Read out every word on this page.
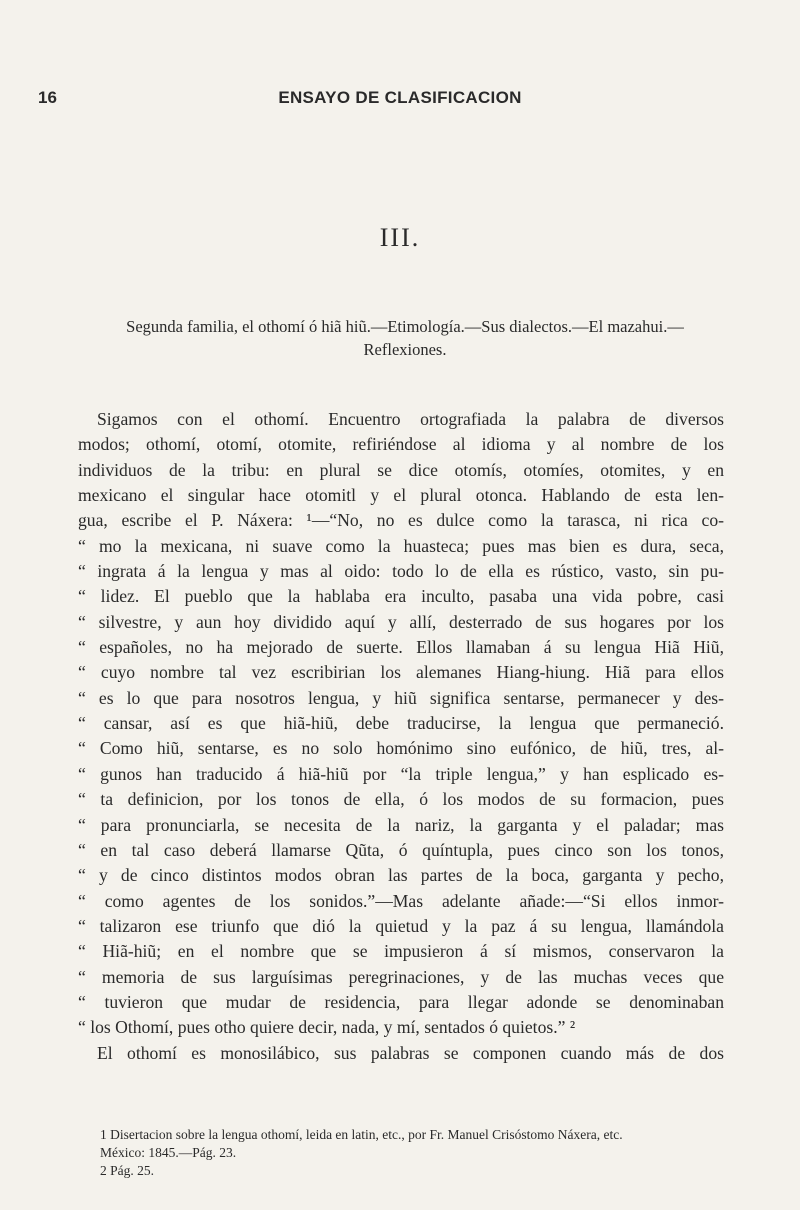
16	ENSAYO DE CLASIFICACION
III.
Segunda familia, el othomí ó hiã hiũ.—Etimología.—Sus dialectos.—El mazahui.—
Reflexiones.
Sigamos con el othomí. Encuentro ortografiada la palabra de diversos
modos; othomí, otomí, otomite, refiriéndose al idioma y al nombre de los
individuos de la tribu: en plural se dice otomís, otomíes, otomites, y en
mexicano el singular hace otomitl y el plural otonca. Hablando de esta len-
gua, escribe el P. Náxera: ¹—“No, no es dulce como la tarasca, ni rica co-
“ mo la mexicana, ni suave como la huasteca; pues mas bien es dura, seca,
“ ingrata á la lengua y mas al oido: todo lo de ella es rústico, vasto, sin pu-
“ lidez. El pueblo que la hablaba era inculto, pasaba una vida pobre, casi
“ silvestre, y aun hoy dividido aquí y allí, desterrado de sus hogares por los
“ españoles, no ha mejorado de suerte. Ellos llamaban á su lengua Hiã Hiũ,
“ cuyo nombre tal vez escribirian los alemanes Hiang-hiung. Hiã para ellos
“ es lo que para nosotros lengua, y hiũ significa sentarse, permanecer y des-
“ cansar, así es que hiã-hiũ, debe traducirse, la lengua que permaneció.
“ Como hiũ, sentarse, es no solo homónimo sino eufónico, de hiũ, tres, al-
“ gunos han traducido á hiã-hiũ por “la triple lengua,” y han esplicado es-
“ ta definicion, por los tonos de ella, ó los modos de su formacion, pues
“ para pronunciarla, se necesita de la nariz, la garganta y el paladar; mas
“ en tal caso deberá llamarse Qũta, ó quíntupla, pues cinco son los tonos,
“ y de cinco distintos modos obran las partes de la boca, garganta y pecho,
“ como agentes de los sonidos.”—Mas adelante añade:—“Si ellos inmor-
“ talizaron ese triunfo que dió la quietud y la paz á su lengua, llamándola
“ Hiã-hiũ; en el nombre que se impusieron á sí mismos, conservaron la
“ memoria de sus larguísimas peregrinaciones, y de las muchas veces que
“ tuvieron que mudar de residencia, para llegar adonde se denominaban
“ los Othomí, pues otho quiere decir, nada, y mí, sentados ó quietos.” ²
El othomí es monosilábico, sus palabras se componen cuando más de dos
1 Disertacion sobre la lengua othomí, leida en latin, etc., por Fr. Manuel Crisóstomo Náxera, etc.
México: 1845.—Pág. 23.
2 Pág. 25.
